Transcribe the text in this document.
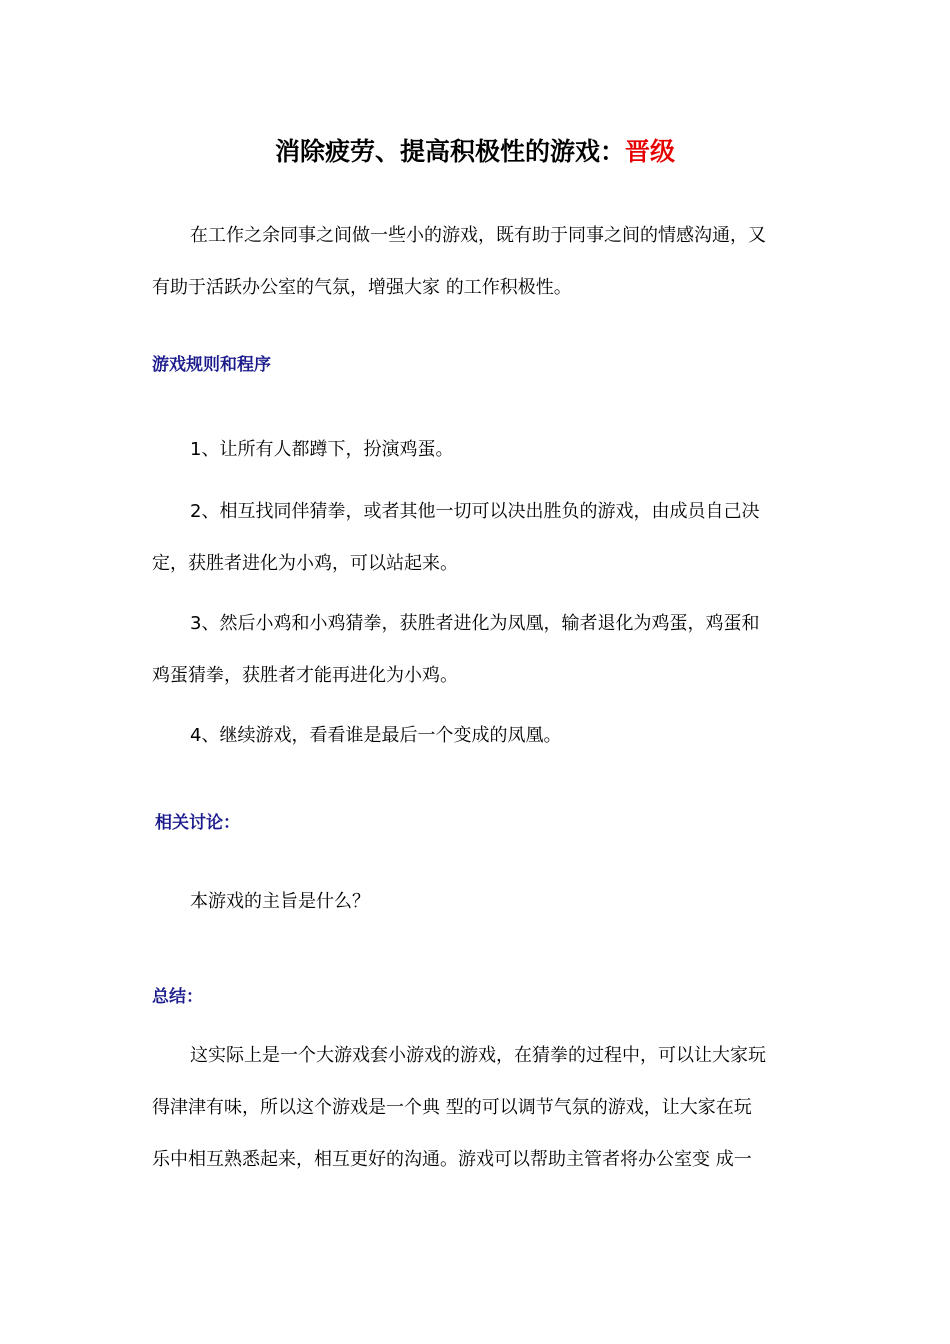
消除疲劳、提高积极性的游戏：晋级

在工作之余同事之间做一些小的游戏，既有助于同事之间的情感沟通，又
有助于活跃办公室的气氛，增强大家 的工作积极性。

游戏规则和程序

1、让所有人都蹲下，扮演鸡蛋。

2、相互找同伴猜拳，或者其他一切可以决出胜负的游戏，由成员自己决
定，获胜者进化为小鸡，可以站起来。

3、然后小鸡和小鸡猜拳，获胜者进化为凤凰，输者退化为鸡蛋，鸡蛋和
鸡蛋猜拳，获胜者才能再进化为小鸡。

4、继续游戏，看看谁是最后一个变成的凤凰。

相关讨论：

本游戏的主旨是什么？

总结：

这实际上是一个大游戏套小游戏的游戏，在猜拳的过程中，可以让大家玩
得津津有味，所以这个游戏是一个典 型的可以调节气氛的游戏，让大家在玩
乐中相互熟悉起来，相互更好的沟通。游戏可以帮助主管者将办公室变 成一
